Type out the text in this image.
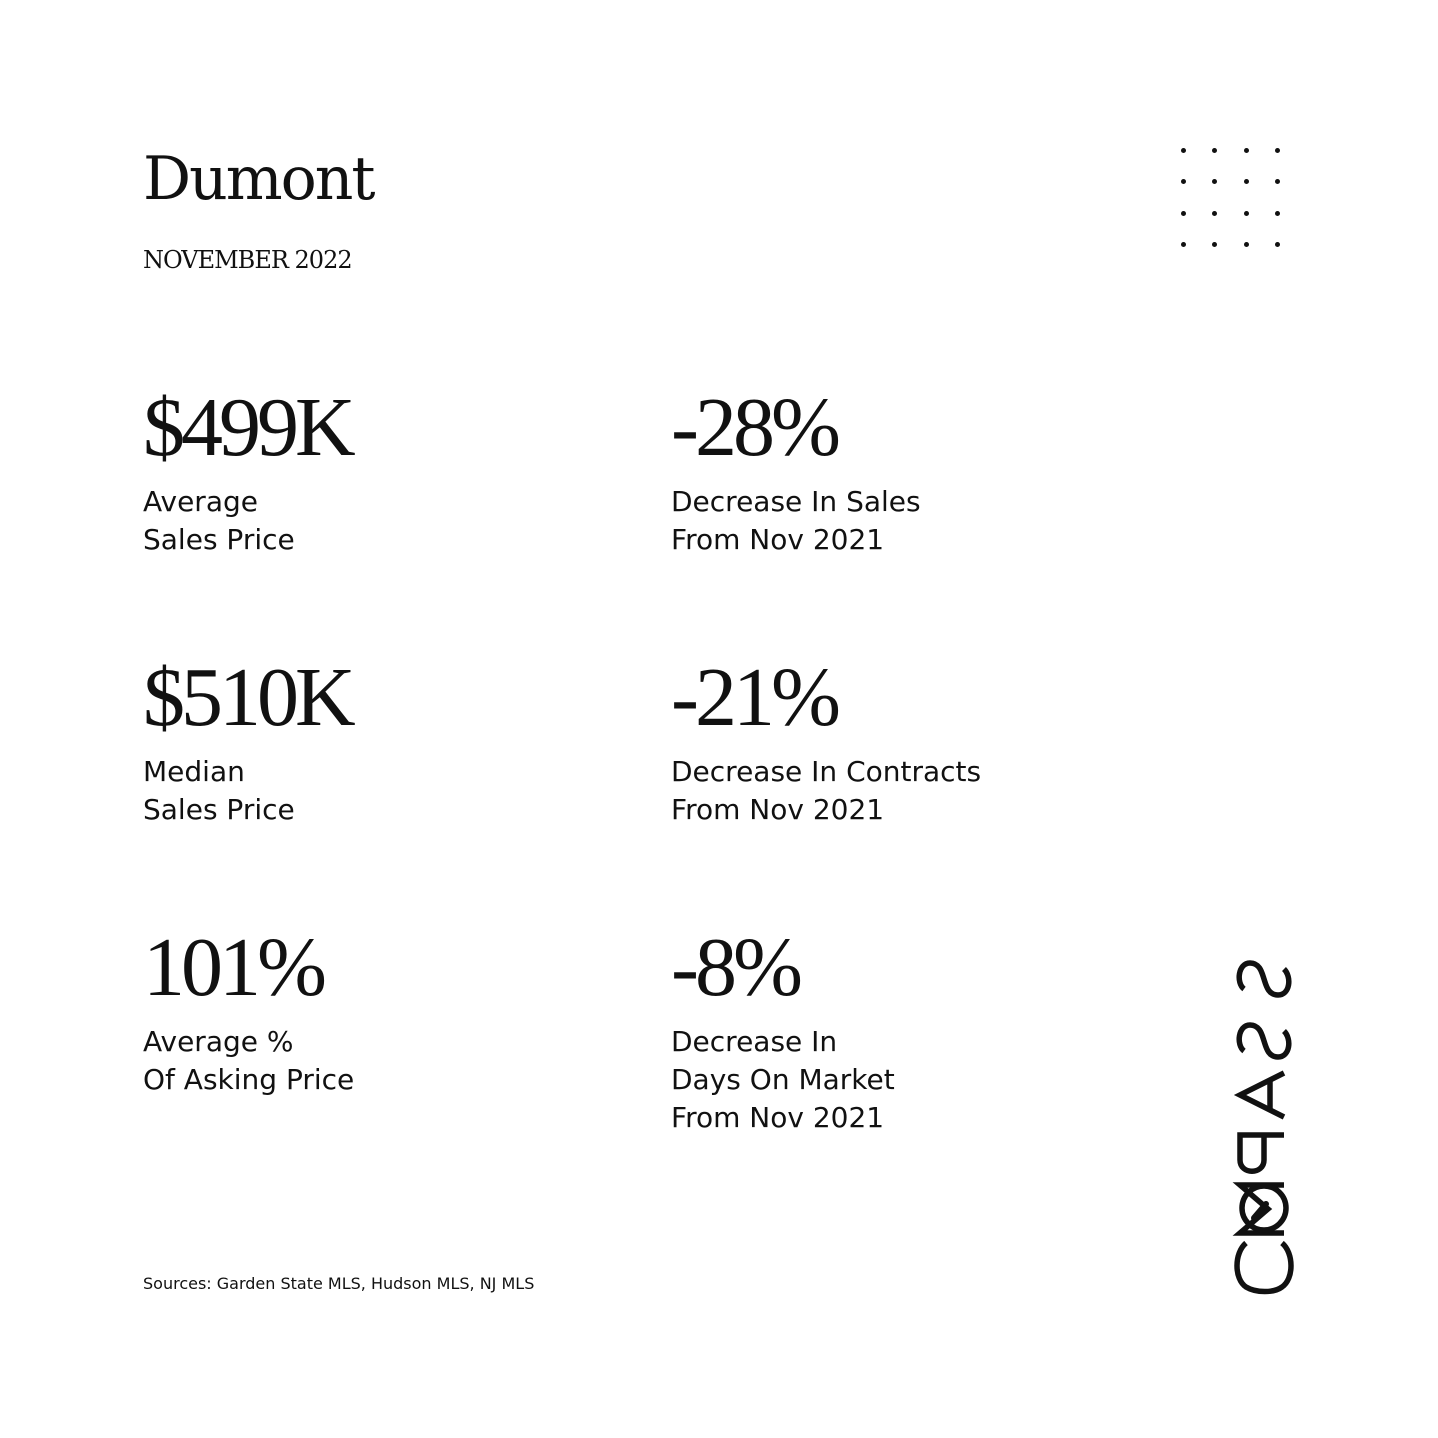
Dumont
NOVEMBER 2022
$499K
Average
Sales Price
-28%
Decrease In Sales
From Nov 2021
$510K
Median
Sales Price
-21%
Decrease In Contracts
From Nov 2021
101%
Average %
Of Asking Price
-8%
Decrease In
Days On Market
From Nov 2021
Sources: Garden State MLS, Hudson MLS, NJ MLS
